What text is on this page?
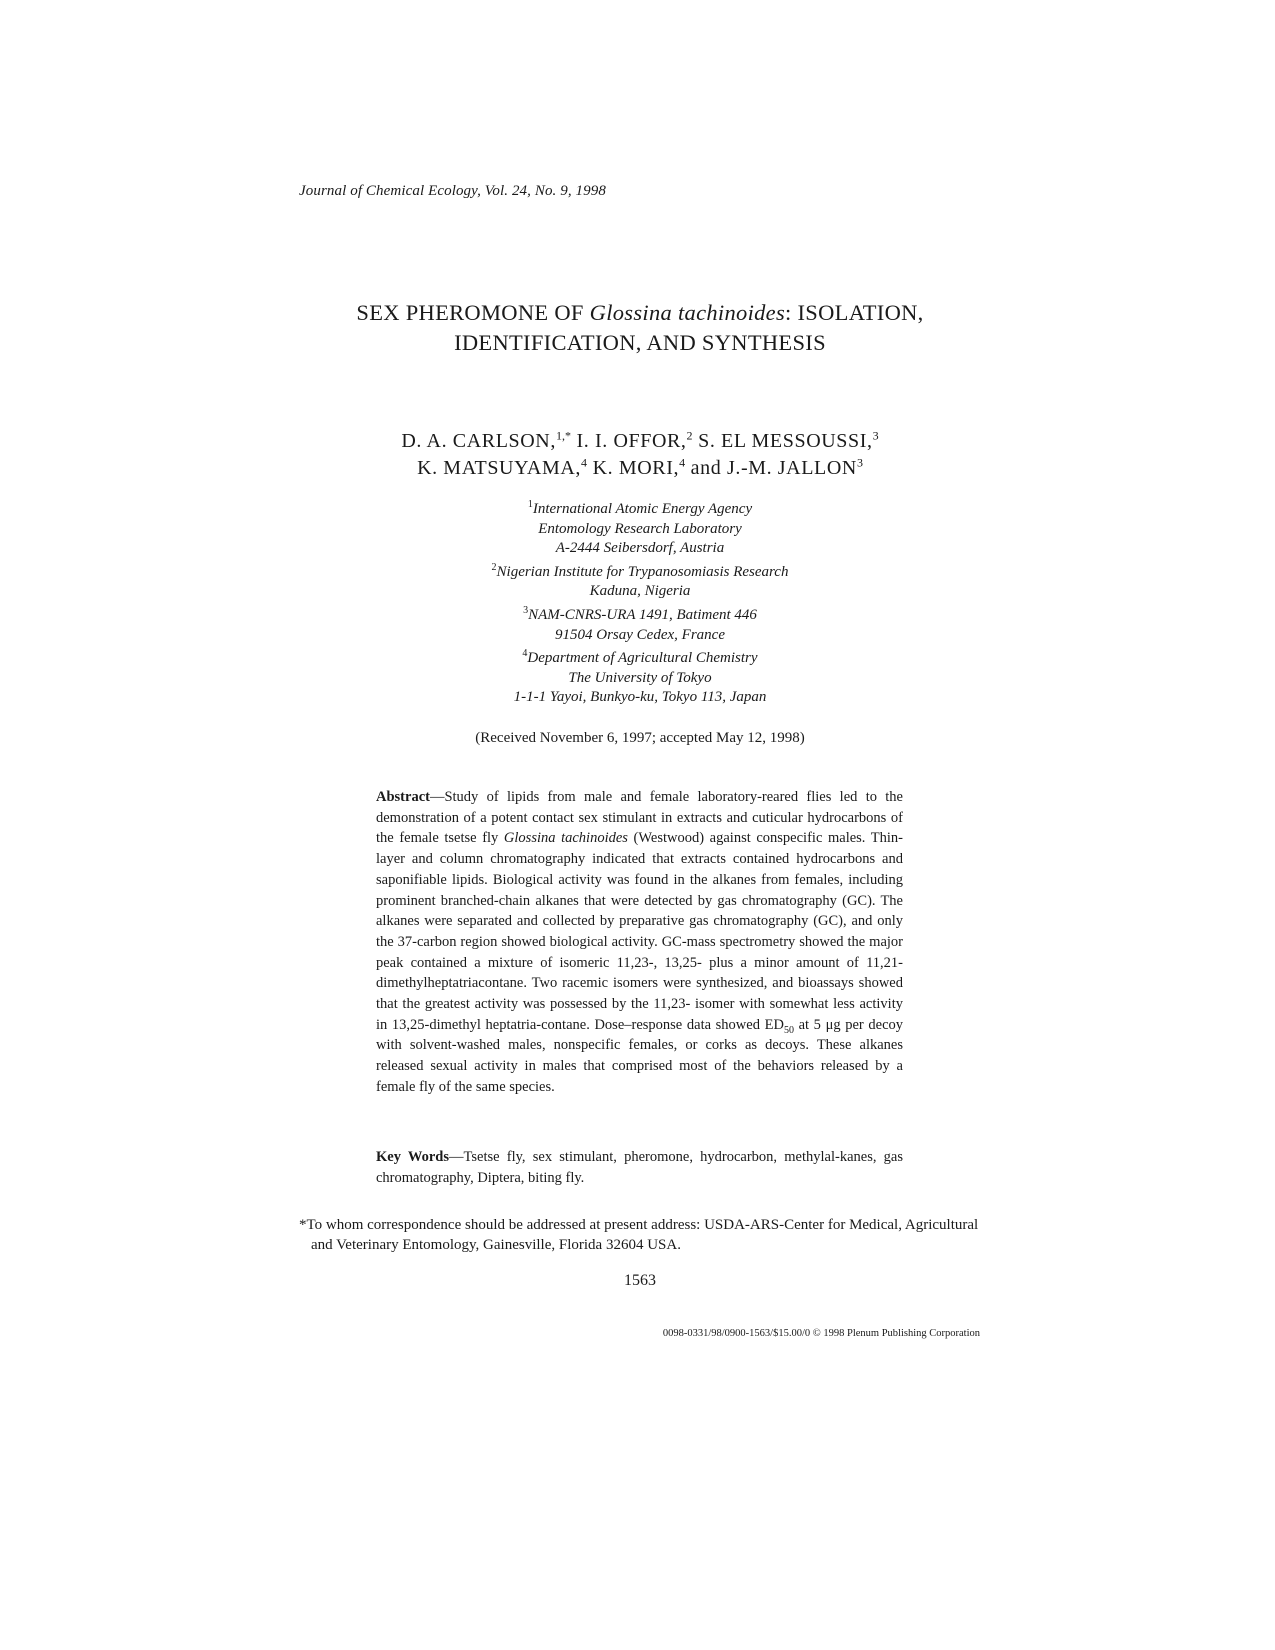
Journal of Chemical Ecology, Vol. 24, No. 9, 1998
SEX PHEROMONE OF Glossina tachinoides: ISOLATION,
IDENTIFICATION, AND SYNTHESIS
D. A. CARLSON,$^{1,*}$ I. I. OFFOR,$^2$ S. EL MESSOUSSI,$^3$
K. MATSUYAMA,$^4$ K. MORI,$^4$ and J.-M. JALLON$^3$
$^1$International Atomic Energy Agency
Entomology Research Laboratory
A-2444 Seibersdorf, Austria
$^2$Nigerian Institute for Trypanosomiasis Research
Kaduna, Nigeria
$^3$NAM-CNRS-URA 1491, Batiment 446
91504 Orsay Cedex, France
$^4$Department of Agricultural Chemistry
The University of Tokyo
1-1-1 Yayoi, Bunkyo-ku, Tokyo 113, Japan
(Received November 6, 1997; accepted May 12, 1998)

Abstract—Study of lipids from male and female laboratory-reared flies led to the demonstration of a potent contact sex stimulant in extracts and cuticular hydrocarbons of the female tsetse fly Glossina tachinoides (Westwood) against conspecific males. Thin-layer and column chromatography indicated that extracts contained hydrocarbons and saponifiable lipids. Biological activity was found in the alkanes from females, including prominent branched-chain alkanes that were detected by gas chromatography (GC). The alkanes were separated and collected by preparative gas chromatography (GC), and only the 37-carbon region showed biological activity. GC-mass spectrometry showed the major peak contained a mixture of isomeric 11,23-, 13,25- plus a minor amount of 11,21-dimethylheptatriacontane. Two racemic isomers were synthesized, and bioassays showed that the greatest activity was possessed by the 11,23- isomer with somewhat less activity in 13,25-dimethyl heptatria-contane. Dose–response data showed $ED_{50}$ at 5 μg per decoy with solvent-washed males, nonspecific females, or corks as decoys. These alkanes released sexual activity in males that comprised most of the behaviors released by a female fly of the same species.

Key Words—Tsetse fly, sex stimulant, pheromone, hydrocarbon, methylal-kanes, gas chromatography, Diptera, biting fly.
*To whom correspondence should be addressed at present address: USDA-ARS-Center for Medical, Agricultural and Veterinary Entomology, Gainesville, Florida 32604 USA.
1563
0098-0331/98/0900-1563/$15.00/0 © 1998 Plenum Publishing Corporation
